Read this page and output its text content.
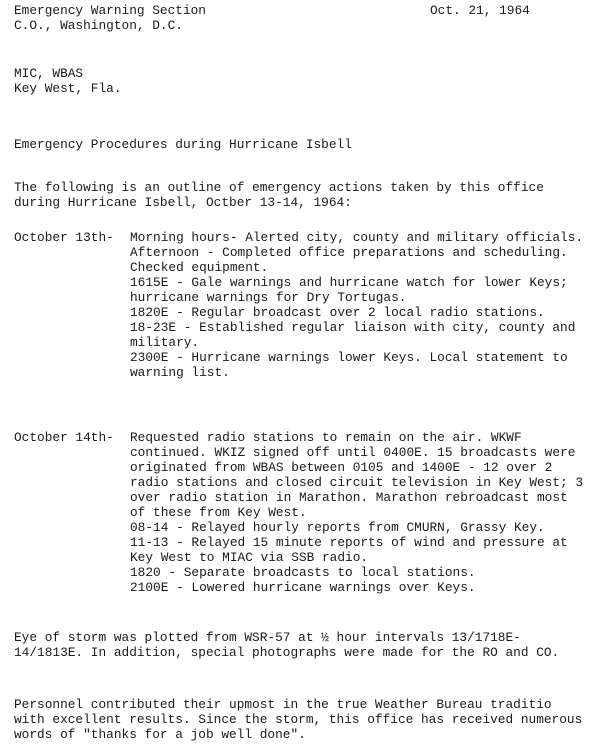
Emergency Warning Section	Oct. 21, 1964
C.O., Washington, D.C.
MIC, WBAS
Key West, Fla.
Emergency Procedures during Hurricane Isbell
The following is an outline of emergency actions taken by this office during Hurricane Isbell, Octber 13-14, 1964:
October 13th- Morning hours- Alerted city, county and military officials.

Afternoon - Completed office preparations and scheduling. Checked equipment.

1615E - Gale warnings and hurricane watch for lower Keys; hurricane warnings for Dry Tortugas.

1820E - Regular broadcast over 2 local radio stations.

18-23E - Established regular liaison with city, county and military.

2300E - Hurricane warnings lower Keys. Local statement to warning list.

October 14th- Requested radio stations to remain on the air. WKWF continued. WKIZ signed off until 0400E. 15 broadcasts were originated from WBAS between 0105 and 1400E - 12 over 2 radio stations and closed circuit television in Key West; 3 over radio station in Marathon. Marathon rebroadcast most of these from Key West.

08-14 - Relayed hourly reports from CMURN, Grassy Key.

11-13 - Relayed 15 minute reports of wind and pressure at Key West to MIAC via SSB radio.

1820 - Separate broadcasts to local stations.

2100E - Lowered hurricane warnings over Keys.

Eye of storm was plotted from WSR-57 at ½ hour intervals 13/1718E-14/1813E. In addition, special photographs were made for the RO and CO.
Personnel contributed their upmost in the true Weather Bureau traditio with excellent results. Since the storm, this office has received numerous words of "thanks for a job well done".
